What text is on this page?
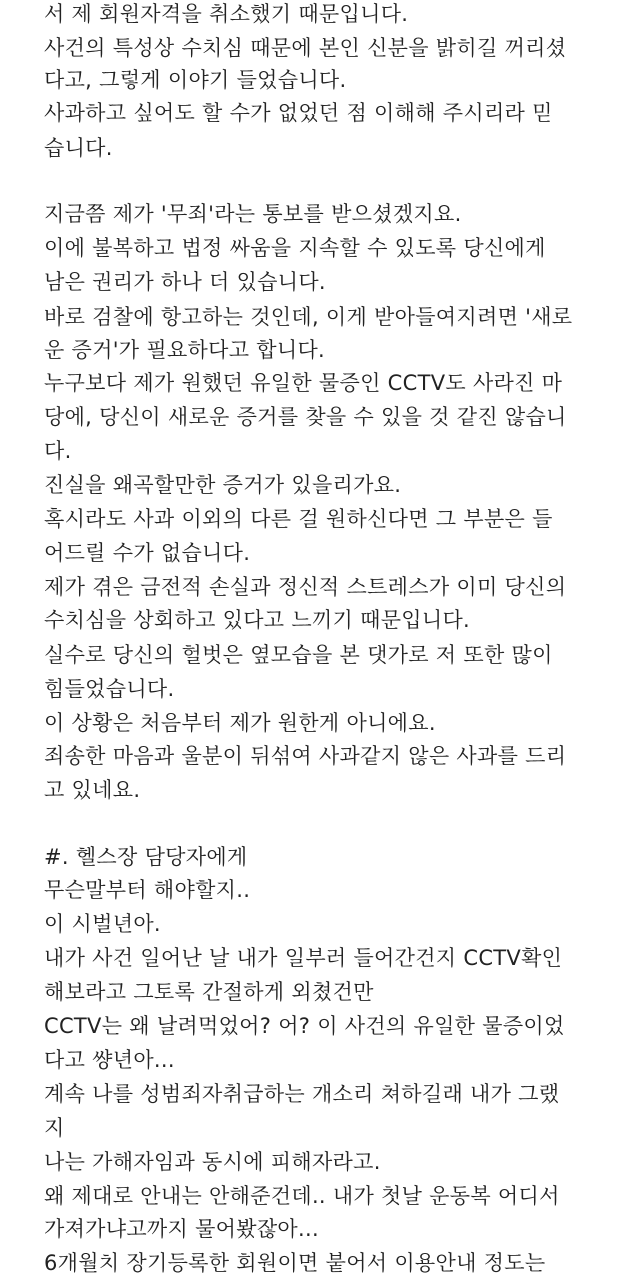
서 제 회원자격을 취소했기 때문입니다.

사건의 특성상 수치심 때문에 본인 신분을 밝히길 꺼리셨

다고, 그렇게 이야기 들었습니다.

사과하고 싶어도 할 수가 없었던 점 이해해 주시리라 믿

습니다.

지금쯤 제가 '무죄'라는 통보를 받으셨겠지요.

이에 불복하고 법정 싸움을 지속할 수 있도록 당신에게

남은 권리가 하나 더 있습니다.

바로 검찰에 항고하는 것인데, 이게 받아들여지려면 '새로

운 증거'가 필요하다고 합니다.

누구보다 제가 원했던 유일한 물증인 CCTV도 사라진 마

당에, 당신이 새로운 증거를 찾을 수 있을 것 같진 않습니

다.

진실을 왜곡할만한 증거가 있을리가요.

혹시라도 사과 이외의 다른 걸 원하신다면 그 부분은 들

어드릴 수가 없습니다.

제가 겪은 금전적 손실과 정신적 스트레스가 이미 당신의

수치심을 상회하고 있다고 느끼기 때문입니다.

실수로 당신의 헐벗은 옆모습을 본 댓가로 저 또한 많이

힘들었습니다.

이 상황은 처음부터 제가 원한게 아니에요.

죄송한 마음과 울분이 뒤섞여 사과같지 않은 사과를 드리

고 있네요.

#. 헬스장 담당자에게

무슨말부터 해야할지..

이 시벌년아.

내가 사건 일어난 날 내가 일부러 들어간건지 CCTV확인

해보라고 그토록 간절하게 외쳤건만

CCTV는 왜 날려먹었어? 어? 이 사건의 유일한 물증이었

다고 썅년아...

계속 나를 성범죄자취급하는 개소리 쳐하길래 내가 그랬

지

나는 가해자임과 동시에 피해자라고.

왜 제대로 안내는 안해준건데.. 내가 첫날 운동복 어디서

가져가냐고까지 물어봤잖아...

6개월치 장기등록한 회원이면 붙어서 이용안내 정도는
